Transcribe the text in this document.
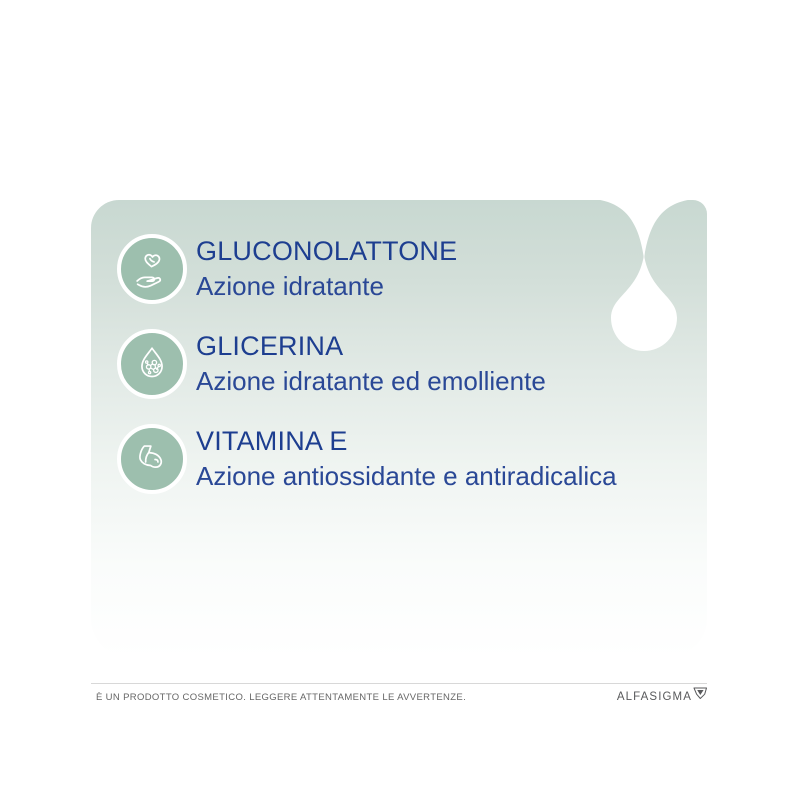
GLUCONOLATTONE
Azione idratante
GLICERINA
Azione idratante ed emolliente
VITAMINA E
Azione antiossidante e antiradicalica
È UN PRODOTTO COSMETICO. LEGGERE ATTENTAMENTE LE AVVERTENZE.	ALFASIGMA
